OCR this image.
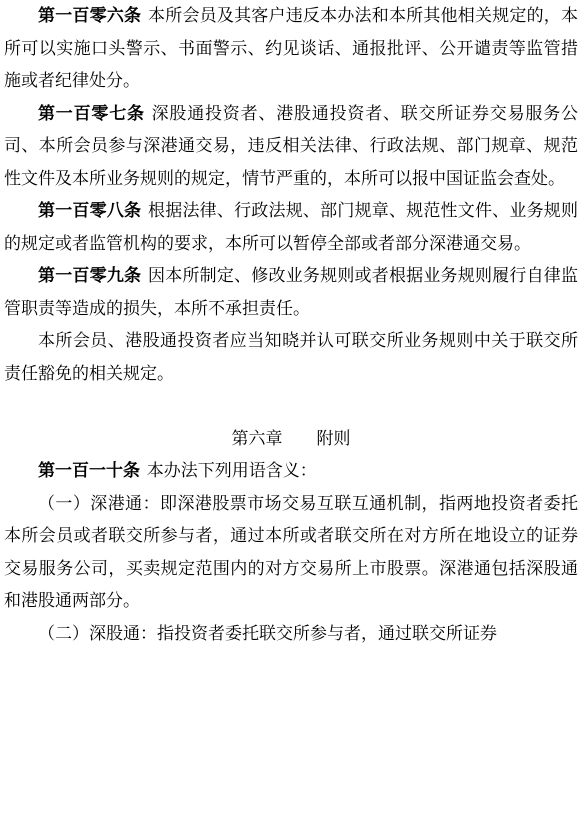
第一百零六条 本所会员及其客户违反本办法和本所其他相关规定的，本所可以实施口头警示、书面警示、约见谈话、通报批评、公开谴责等监管措施或者纪律处分。

第一百零七条 深股通投资者、港股通投资者、联交所证券交易服务公司、本所会员参与深港通交易，违反相关法律、行政法规、部门规章、规范性文件及本所业务规则的规定，情节严重的，本所可以报中国证监会查处。

第一百零八条 根据法律、行政法规、部门规章、规范性文件、业务规则的规定或者监管机构的要求，本所可以暂停全部或者部分深港通交易。

第一百零九条 因本所制定、修改业务规则或者根据业务规则履行自律监管职责等造成的损失，本所不承担责任。

本所会员、港股通投资者应当知晓并认可联交所业务规则中关于联交所责任豁免的相关规定。

第六章 附则

第一百一十条 本办法下列用语含义：

（一）深港通：即深港股票市场交易互联互通机制，指两地投资者委托本所会员或者联交所参与者，通过本所或者联交所在对方所在地设立的证券交易服务公司，买卖规定范围内的对方交易所上市股票。深港通包括深股通和港股通两部分。

（二）深股通：指投资者委托联交所参与者，通过联交所证券
